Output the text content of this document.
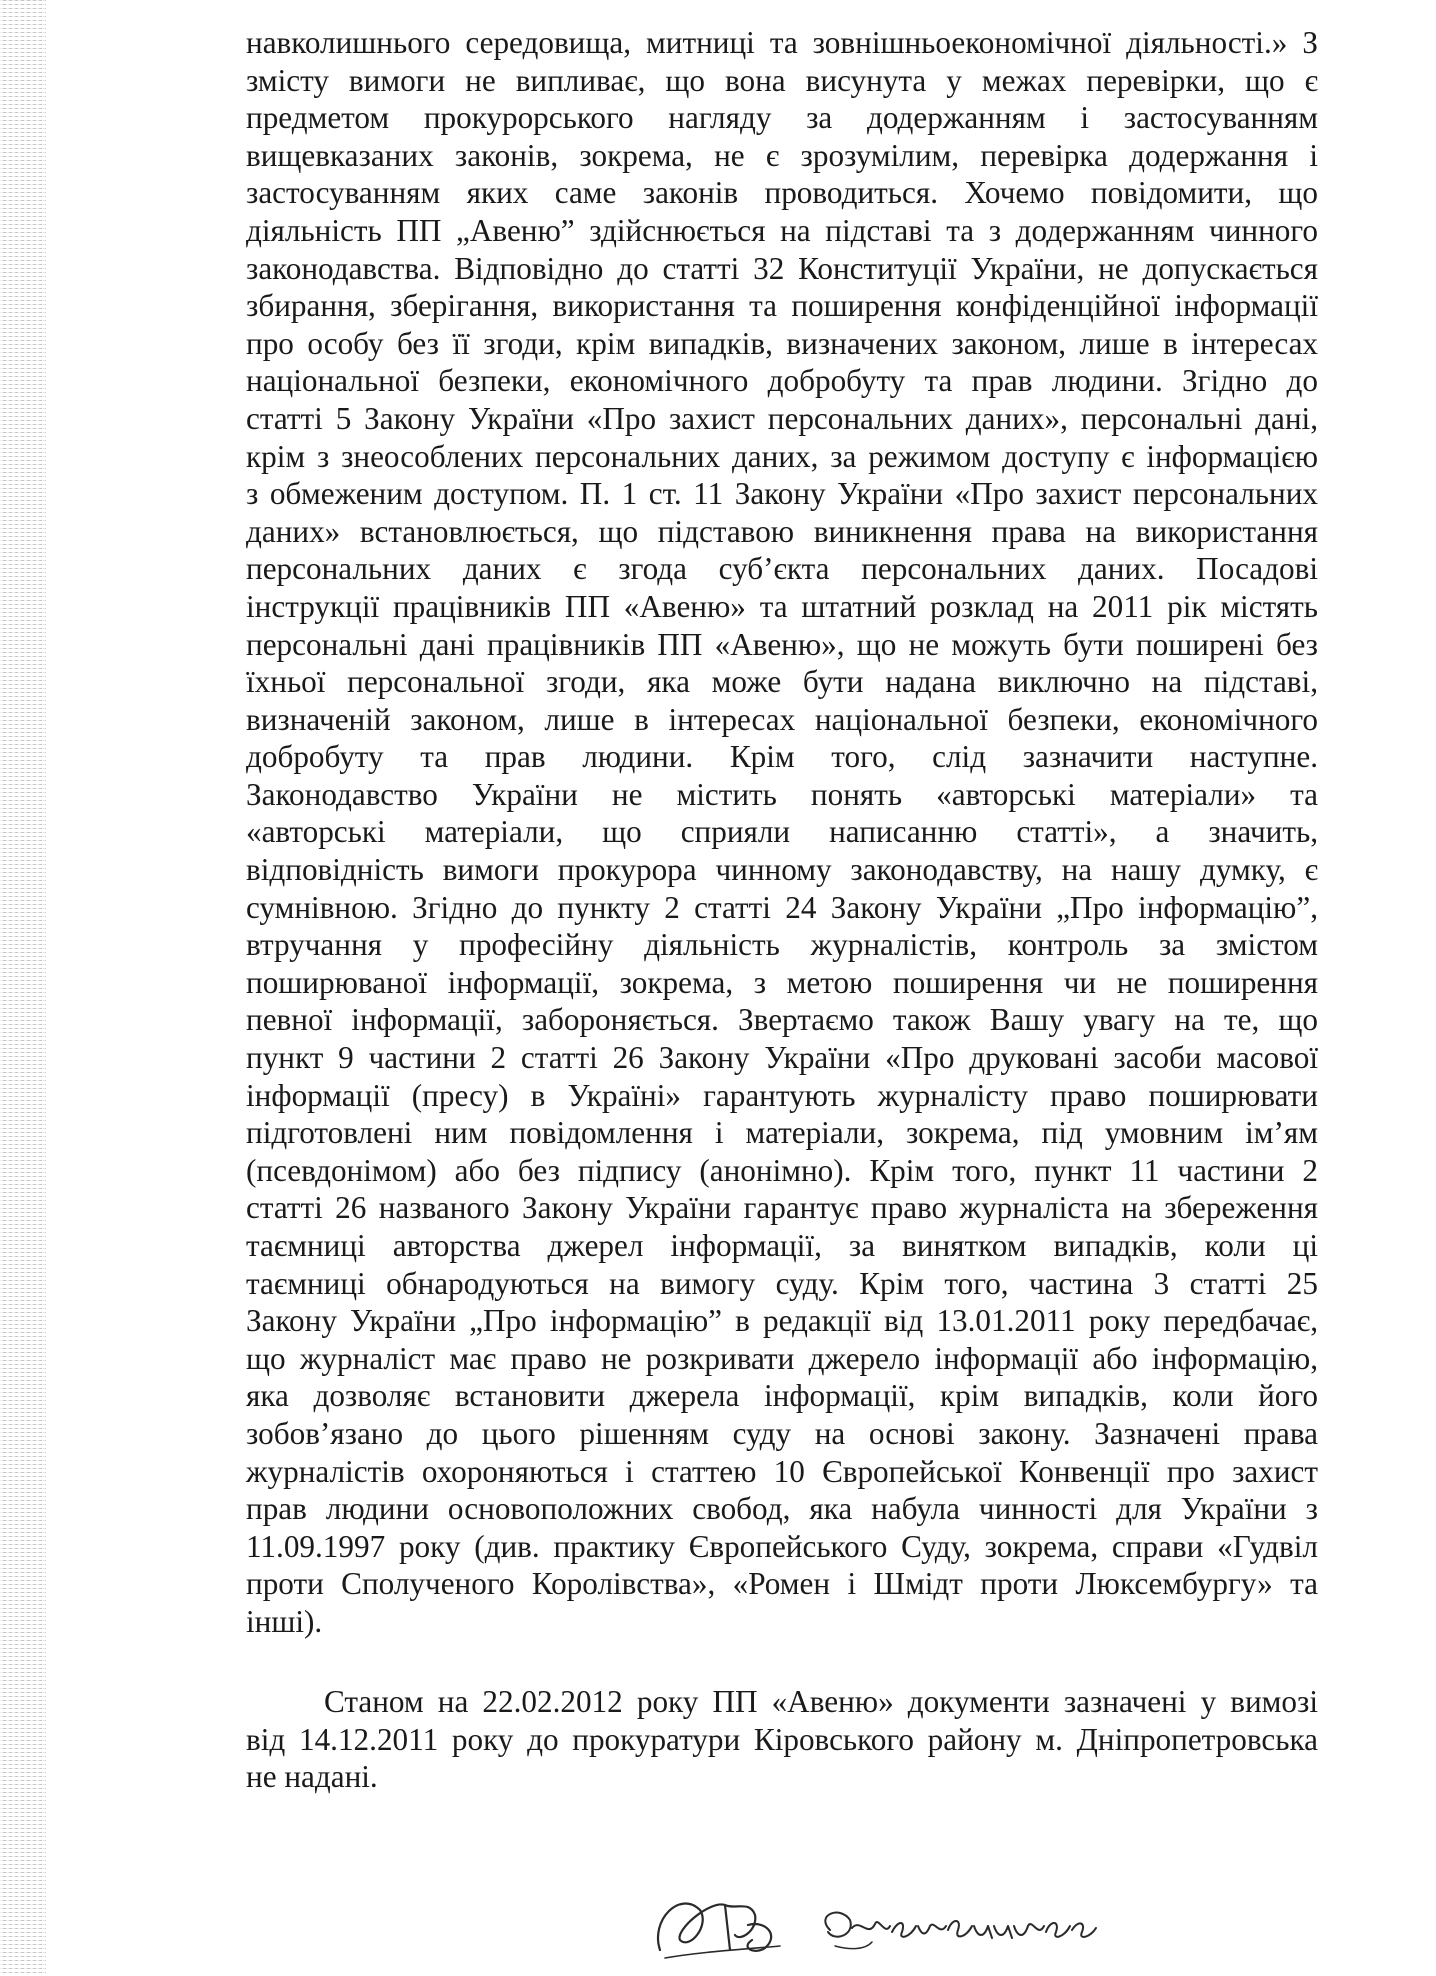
навколишнього середовища, митниці та зовнішньоекономічної діяльності.» З
змісту вимоги не випливає, що вона висунута у межах перевірки, що є
предметом прокурорського нагляду за додержанням і застосуванням
вищевказаних законів, зокрема, не є зрозумілим, перевірка додержання і
застосуванням яких саме законів проводиться. Хочемо повідомити, що
діяльність ПП „Авеню” здійснюється на підставі та з додержанням чинного
законодавства. Відповідно до статті 32 Конституції України, не допускається
збирання, зберігання, використання та поширення конфіденційної інформації
про особу без її згоди, крім випадків, визначених законом, лише в інтересах
національної безпеки, економічного добробуту та прав людини. Згідно до
статті 5 Закону України «Про захист персональних даних», персональні дані,
крім з знеособлених персональних даних, за режимом доступу є інформацією
з обмеженим доступом. П. 1 ст. 11 Закону України «Про захист персональних
даних» встановлюється, що підставою виникнення права на використання
персональних даних є згода суб’єкта персональних даних. Посадові
інструкції працівників ПП «Авеню» та штатний розклад на 2011 рік містять
персональні дані працівників ПП «Авеню», що не можуть бути поширені без
їхньої персональної згоди, яка може бути надана виключно на підставі,
визначеній законом, лише в інтересах національної безпеки, економічного
добробуту та прав людини. Крім того, слід зазначити наступне.
Законодавство України не містить понять «авторські матеріали» та
«авторські матеріали, що сприяли написанню статті», а значить,
відповідність вимоги прокурора чинному законодавству, на нашу думку, є
сумнівною. Згідно до пункту 2 статті 24 Закону України „Про інформацію”,
втручання у професійну діяльність журналістів, контроль за змістом
поширюваної інформації, зокрема, з метою поширення чи не поширення
певної інформації, забороняється. Звертаємо також Вашу увагу на те, що
пункт 9 частини 2 статті 26 Закону України «Про друковані засоби масової
інформації (пресу) в Україні» гарантують журналісту право поширювати
підготовлені ним повідомлення і матеріали, зокрема, під умовним ім’ям
(псевдонімом) або без підпису (анонімно). Крім того, пункт 11 частини 2
статті 26 названого Закону України гарантує право журналіста на збереження
таємниці авторства джерел інформації, за винятком випадків, коли ці
таємниці обнародуються на вимогу суду. Крім того, частина 3 статті 25
Закону України „Про інформацію” в редакції від 13.01.2011 року передбачає,
що журналіст має право не розкривати джерело інформації або інформацію,
яка дозволяє встановити джерела інформації, крім випадків, коли його
зобов’язано до цього рішенням суду на основі закону. Зазначені права
журналістів охороняються і статтею 10 Європейської Конвенції про захист
прав людини основоположних свобод, яка набула чинності для України з
11.09.1997 року (див. практику Європейського Суду, зокрема, справи «Гудвіл
проти Сполученого Королівства», «Ромен і Шмідт проти Люксембургу» та
інші).
Станом на 22.02.2012 року ПП «Авеню» документи зазначені у вимозі
від 14.12.2011 року до прокуратури Кіровського району м. Дніпропетровська
не надані.
